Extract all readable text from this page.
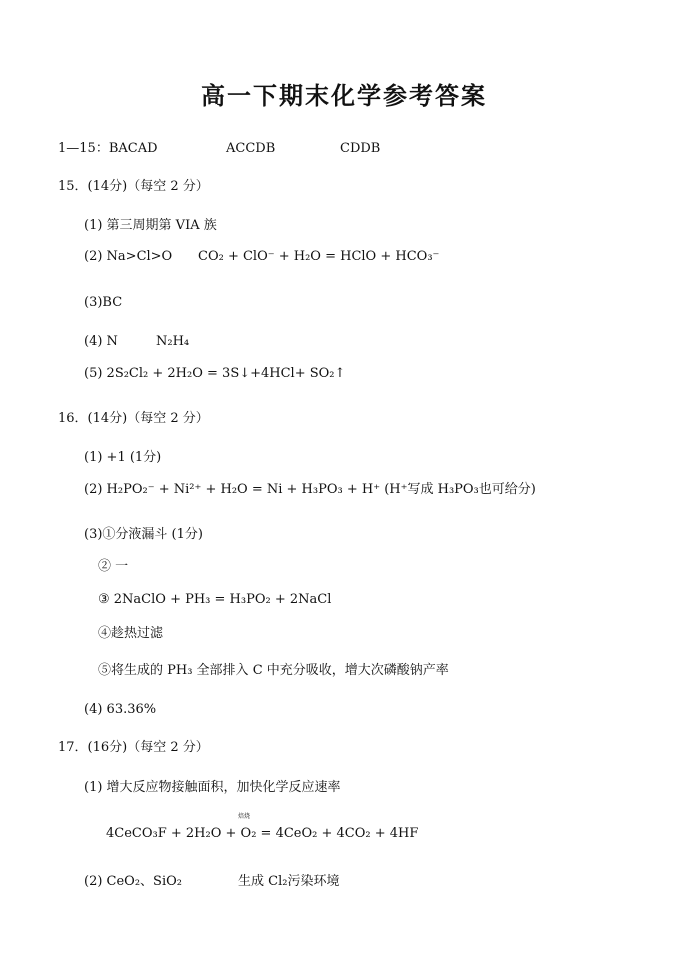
高一下期末化学参考答案
1—15：BACAD	ACCDB	CDDB
15．(14分)（每空 2 分）
(1) 第三周期第 VIA 族
(2) Na>Cl>O CO₂ + ClO⁻ + H₂O = HClO + HCO₃⁻
(3)BC
(4) N	N₂H₄
(5) 2S₂Cl₂ + 2H₂O = 3S↓+4HCl+ SO₂↑
16．(14分)（每空 2 分）
(1) +1 (1分)
(2) H₂PO₂⁻ + Ni²⁺ + H₂O = Ni + H₃PO₃ + H⁺ (H⁺写成 H₃PO₃也可给分)
(3)①分液漏斗 (1分)
② 一
③ 2NaClO + PH₃ = H₃PO₂ + 2NaCl
④趁热过滤
⑤将生成的 PH₃ 全部排入 C 中充分吸收，增大次磷酸钠产率
(4) 63.36%
17．(16分)（每空 2 分）
(1) 增大反应物接触面积，加快化学反应速率
焙烧
4CeCO₃F + 2H₂O + O₂ = 4CeO₂ + 4CO₂ + 4HF
(2) CeO₂、SiO₂	生成 Cl₂污染环境
